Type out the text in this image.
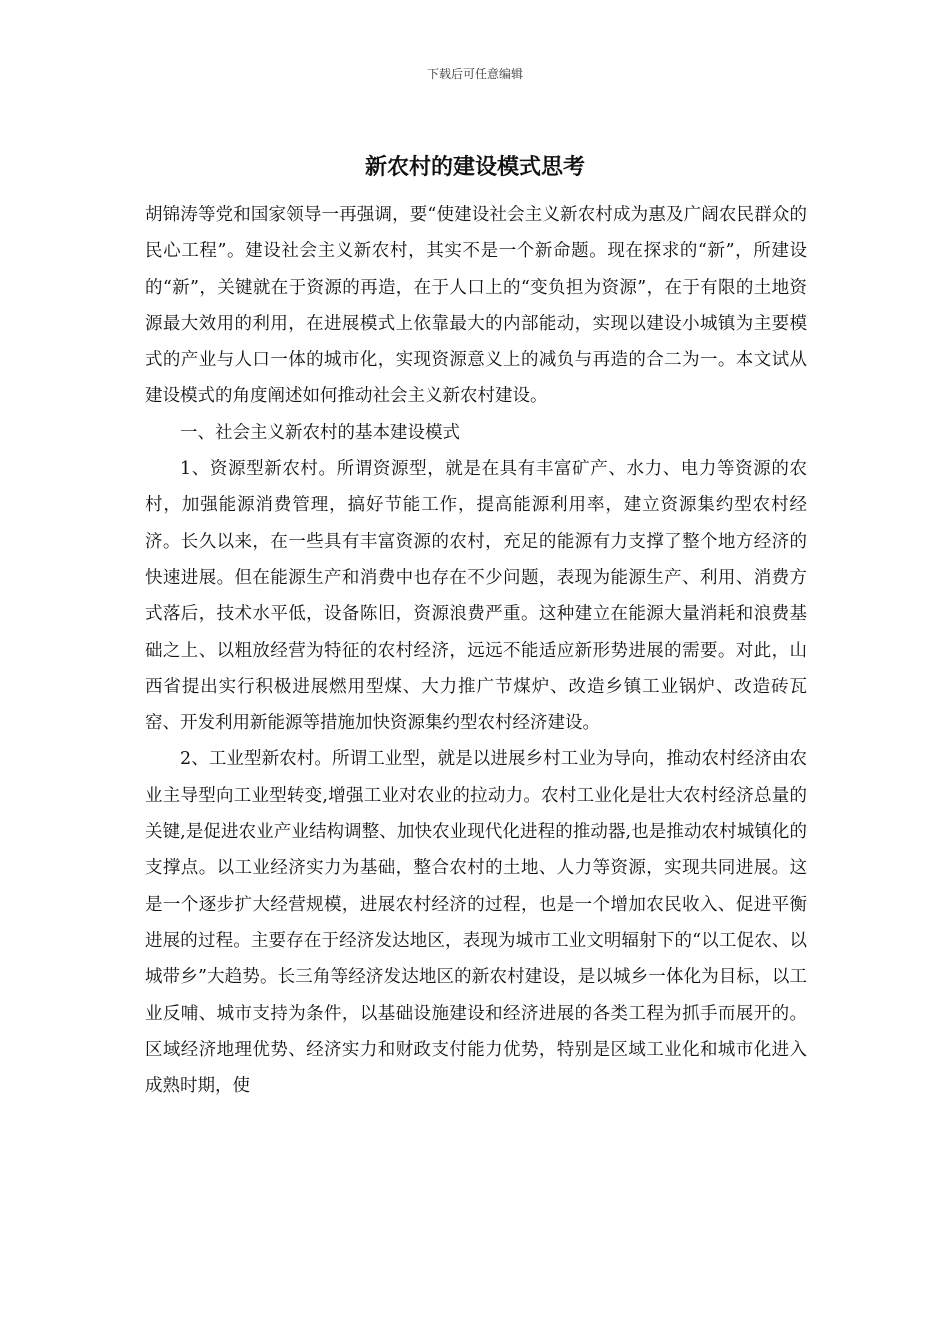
下载后可任意编辑
新农村的建设模式思考

胡锦涛等党和国家领导一再强调，要“使建设社会主义新农村成为惠及广阔农民群众的民心工程”。建设社会主义新农村，其实不是一个新命题。现在探求的“新”，所建设的“新”，关键就在于资源的再造，在于人口上的“变负担为资源”，在于有限的土地资源最大效用的利用，在进展模式上依靠最大的内部能动，实现以建设小城镇为主要模式的产业与人口一体的城市化，实现资源意义上的减负与再造的合二为一。本文试从建设模式的角度阐述如何推动社会主义新农村建设。

一、社会主义新农村的基本建设模式

1、资源型新农村。所谓资源型，就是在具有丰富矿产、水力、电力等资源的农村，加强能源消费管理，搞好节能工作，提高能源利用率，建立资源集约型农村经济。长久以来，在一些具有丰富资源的农村，充足的能源有力支撑了整个地方经济的快速进展。但在能源生产和消费中也存在不少问题，表现为能源生产、利用、消费方式落后，技术水平低，设备陈旧，资源浪费严重。这种建立在能源大量消耗和浪费基础之上、以粗放经营为特征的农村经济，远远不能适应新形势进展的需要。对此，山西省提出实行积极进展燃用型煤、大力推广节煤炉、改造乡镇工业锅炉、改造砖瓦窑、开发利用新能源等措施加快资源集约型农村经济建设。

2、工业型新农村。所谓工业型，就是以进展乡村工业为导向，推动农村经济由农业主导型向工业型转变,增强工业对农业的拉动力。农村工业化是壮大农村经济总量的关键,是促进农业产业结构调整、加快农业现代化进程的推动器,也是推动农村城镇化的支撑点。以工业经济实力为基础，整合农村的土地、人力等资源，实现共同进展。这是一个逐步扩大经营规模，进展农村经济的过程，也是一个增加农民收入、促进平衡进展的过程。主要存在于经济发达地区，表现为城市工业文明辐射下的“以工促农、以城带乡”大趋势。长三角等经济发达地区的新农村建设，是以城乡一体化为目标，以工业反哺、城市支持为条件，以基础设施建设和经济进展的各类工程为抓手而展开的。区域经济地理优势、经济实力和财政支付能力优势，特别是区域工业化和城市化进入成熟时期，使
